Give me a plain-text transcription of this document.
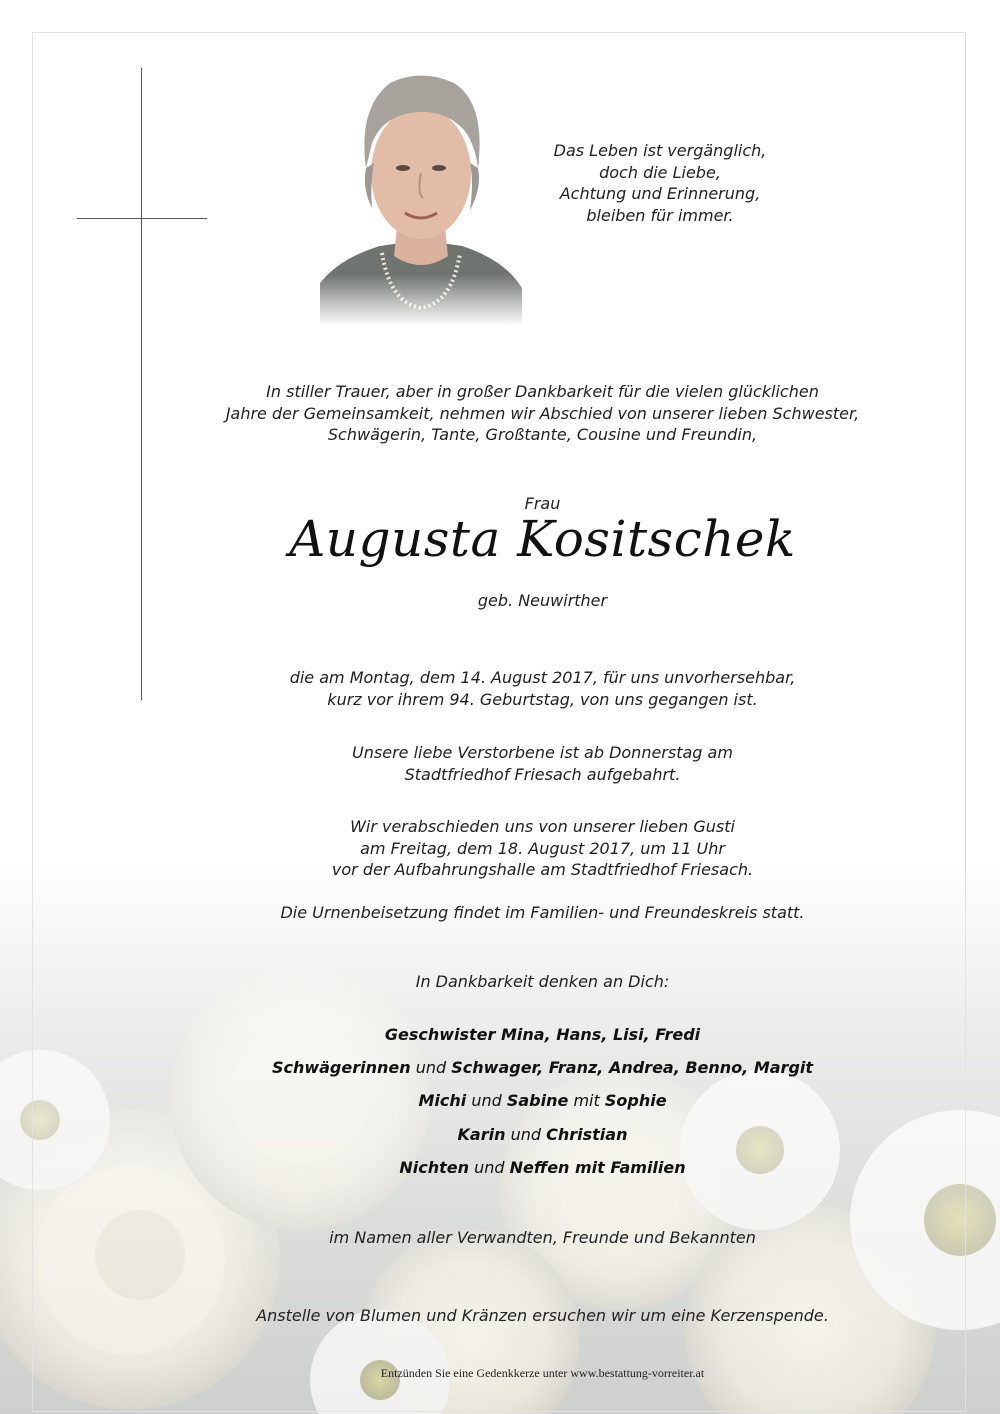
Das Leben ist vergänglich,
doch die Liebe,
Achtung und Erinnerung,
bleiben für immer.
In stiller Trauer, aber in großer Dankbarkeit für die vielen glücklichen
Jahre der Gemeinsamkeit, nehmen wir Abschied von unserer lieben Schwester,
Schwägerin, Tante, Großtante, Cousine und Freundin,
Frau
Augusta Kositschek
geb. Neuwirther
die am Montag, dem 14. August 2017, für uns unvorhersehbar,
kurz vor ihrem 94. Geburtstag, von uns gegangen ist.
Unsere liebe Verstorbene ist ab Donnerstag am
Stadtfriedhof Friesach aufgebahrt.
Wir verabschieden uns von unserer lieben Gusti
am Freitag, dem 18. August 2017, um 11 Uhr
vor der Aufbahrungshalle am Stadtfriedhof Friesach.
Die Urnenbeisetzung findet im Familien- und Freundeskreis statt.
In Dankbarkeit denken an Dich:
Geschwister Mina, Hans, Lisi, Fredi
Schwägerinnen und Schwager, Franz, Andrea, Benno, Margit
Michi und Sabine mit Sophie
Karin und Christian
Nichten und Neffen mit Familien
im Namen aller Verwandten, Freunde und Bekannten
Anstelle von Blumen und Kränzen ersuchen wir um eine Kerzenspende.
Entzünden Sie eine Gedenkkerze unter www.bestattung-vorreiter.at
